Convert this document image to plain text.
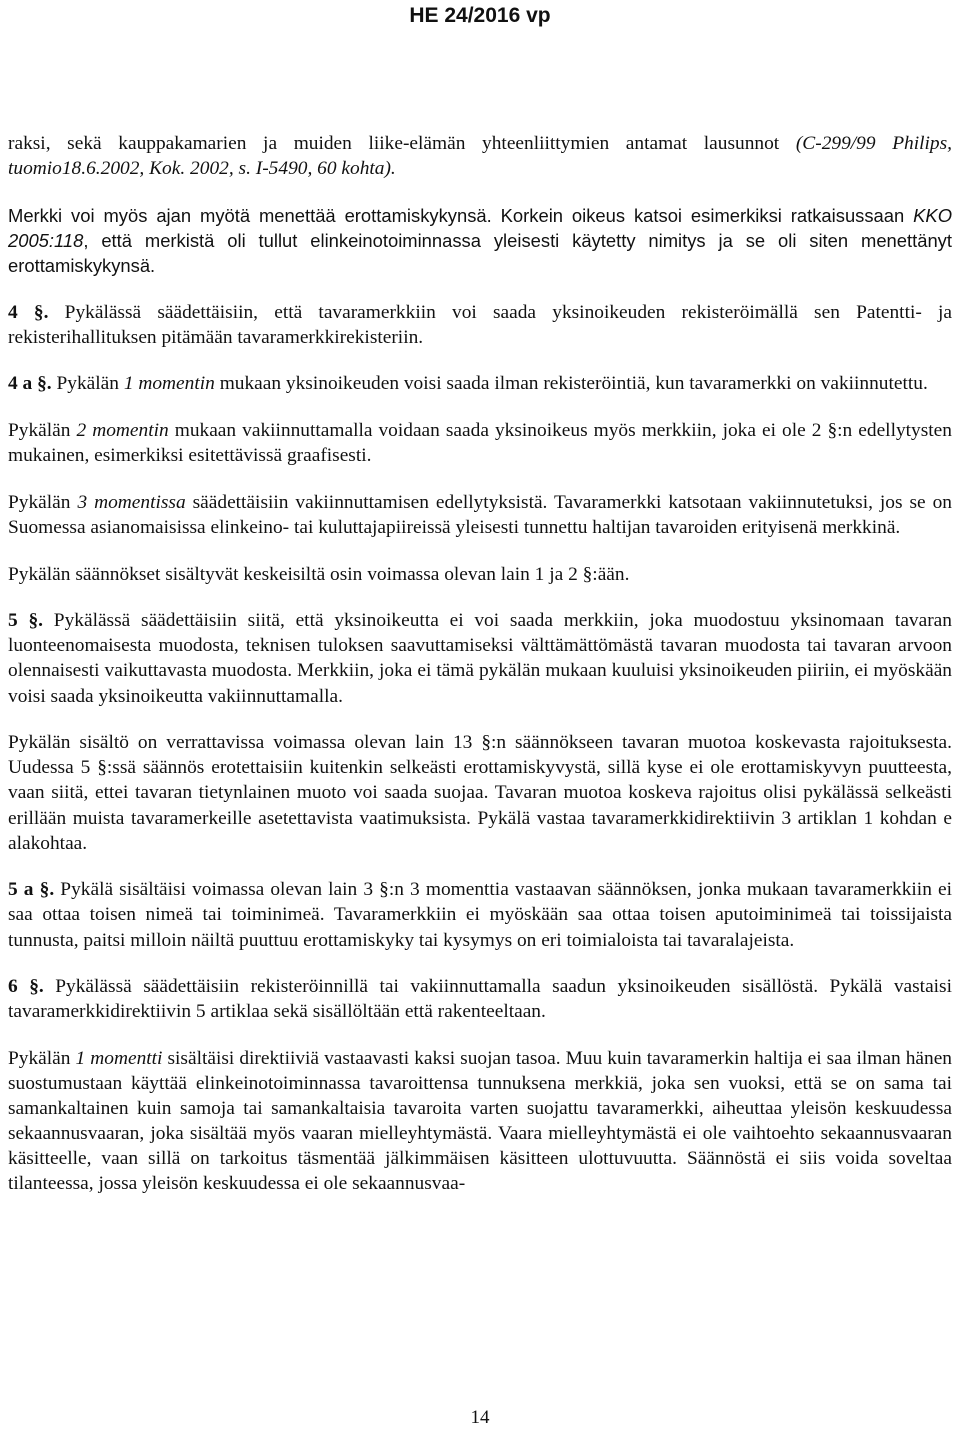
HE 24/2016 vp

raksi, sekä kauppakamarien ja muiden liike-elämän yhteenliittymien antamat lausunnot (C-299/99 Philips, tuomio18.6.2002, Kok. 2002, s. I-5490, 60 kohta).

Merkki voi myös ajan myötä menettää erottamiskykynsä. Korkein oikeus katsoi esimerkiksi ratkaisussaan KKO 2005:118, että merkistä oli tullut elinkeinotoiminnassa yleisesti käytetty nimitys ja se oli siten menettänyt erottamiskykynsä.

4 §. Pykälässä säädettäisiin, että tavaramerkkiin voi saada yksinoikeuden rekisteröimällä sen Patentti- ja rekisterihallituksen pitämään tavaramerkkirekisteriin.

4 a §. Pykälän 1 momentin mukaan yksinoikeuden voisi saada ilman rekisteröintiä, kun tavaramerkki on vakiinnutettu.

Pykälän 2 momentin mukaan vakiinnuttamalla voidaan saada yksinoikeus myös merkkiin, joka ei ole 2 §:n edellytysten mukainen, esimerkiksi esitettävissä graafisesti.

Pykälän 3 momentissa säädettäisiin vakiinnuttamisen edellytyksistä. Tavaramerkki katsotaan vakiinnutetuksi, jos se on Suomessa asianomaisissa elinkeino- tai kuluttajapiireissä yleisesti tunnettu haltijan tavaroiden erityisenä merkkinä.

Pykälän säännökset sisältyvät keskeisiltä osin voimassa olevan lain 1 ja 2 §:ään.

5 §. Pykälässä säädettäisiin siitä, että yksinoikeutta ei voi saada merkkiin, joka muodostuu yksinomaan tavaran luonteenomaisesta muodosta, teknisen tuloksen saavuttamiseksi välttämättömästä tavaran muodosta tai tavaran arvoon olennaisesti vaikuttavasta muodosta. Merkkiin, joka ei tämä pykälän mukaan kuuluisi yksinoikeuden piiriin, ei myöskään voisi saada yksinoikeutta vakiinnuttamalla.

Pykälän sisältö on verrattavissa voimassa olevan lain 13 §:n säännökseen tavaran muotoa koskevasta rajoituksesta. Uudessa 5 §:ssä säännös erotettaisiin kuitenkin selkeästi erottamiskyvystä, sillä kyse ei ole erottamiskyvyn puutteesta, vaan siitä, ettei tavaran tietynlainen muoto voi saada suojaa. Tavaran muotoa koskeva rajoitus olisi pykälässä selkeästi erillään muista tavaramerkeille asetettavista vaatimuksista. Pykälä vastaa tavaramerkkidirektiivin 3 artiklan 1 kohdan e alakohtaa.

5 a §. Pykälä sisältäisi voimassa olevan lain 3 §:n 3 momenttia vastaavan säännöksen, jonka mukaan tavaramerkkiin ei saa ottaa toisen nimeä tai toiminimeä. Tavaramerkkiin ei myöskään saa ottaa toisen aputoiminimeä tai toissijaista tunnusta, paitsi milloin näiltä puuttuu erottamiskyky tai kysymys on eri toimialoista tai tavaralajeista.

6 §. Pykälässä säädettäisiin rekisteröinnillä tai vakiinnuttamalla saadun yksinoikeuden sisällöstä. Pykälä vastaisi tavaramerkkidirektiivin 5 artiklaa sekä sisällöltään että rakenteeltaan.

Pykälän 1 momentti sisältäisi direktiiviä vastaavasti kaksi suojan tasoa. Muu kuin tavaramerkin haltija ei saa ilman hänen suostumustaan käyttää elinkeinotoiminnassa tavaroittensa tunnuksena merkkiä, joka sen vuoksi, että se on sama tai samankaltainen kuin samoja tai samankaltaisia tavaroita varten suojattu tavaramerkki, aiheuttaa yleisön keskuudessa sekaannusvaaran, joka sisältää myös vaaran mielleyhtymästä. Vaara mielleyhtymästä ei ole vaihtoehto sekaannusvaaran käsitteelle, vaan sillä on tarkoitus täsmentää jälkimmäisen käsitteen ulottuvuutta. Säännöstä ei siis voida soveltaa tilanteessa, jossa yleisön keskuudessa ei ole sekaannusvaa-

14
